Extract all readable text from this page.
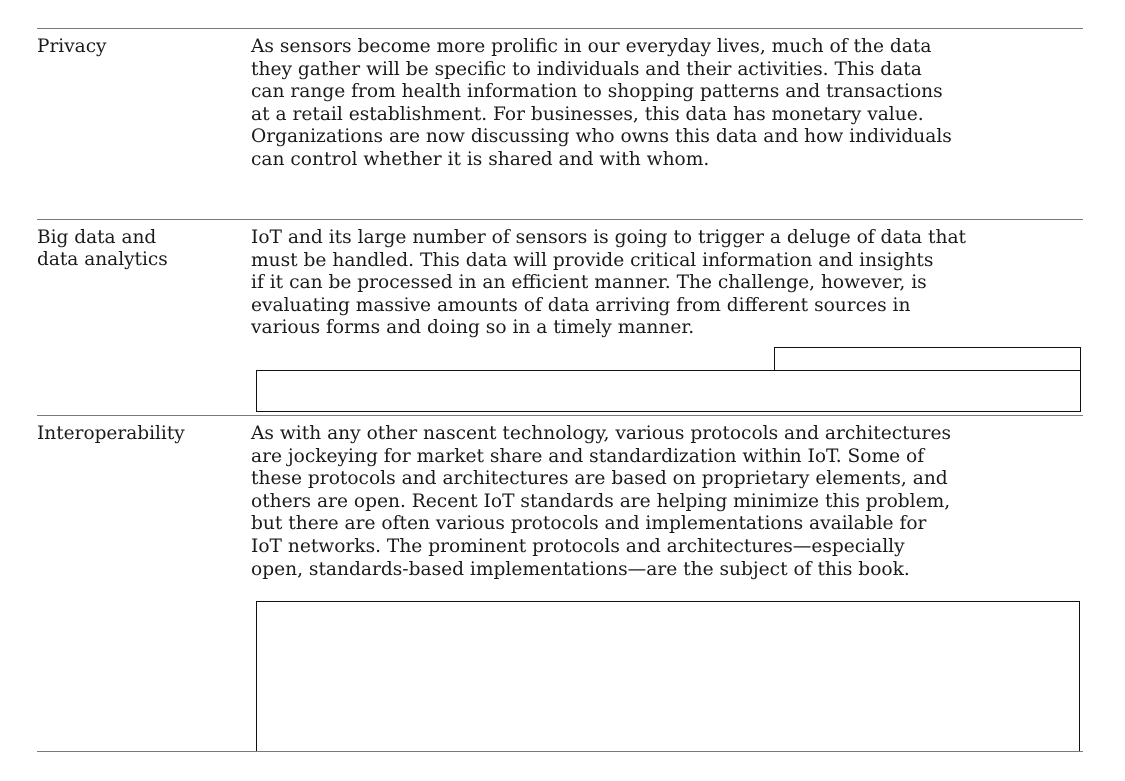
Privacy	As sensors become more prolific in our everyday lives, much of the data
they gather will be specific to individuals and their activities. This data
can range from health information to shopping patterns and transactions
at a retail establishment. For businesses, this data has monetary value.
Organizations are now discussing who owns this data and how individuals
can control whether it is shared and with whom.
Big data and
data analytics
IoT and its large number of sensors is going to trigger a deluge of data that
must be handled. This data will provide critical information and insights
if it can be processed in an efficient manner. The challenge, however, is
evaluating massive amounts of data arriving from different sources in
various forms and doing so in a timely manner.
Interoperability	As with any other nascent technology, various protocols and architectures
are jockeying for market share and standardization within IoT. Some of
these protocols and architectures are based on proprietary elements, and
others are open. Recent IoT standards are helping minimize this problem,
but there are often various protocols and implementations available for
IoT networks. The prominent protocols and architectures—especially
open, standards-based implementations—are the subject of this book.
